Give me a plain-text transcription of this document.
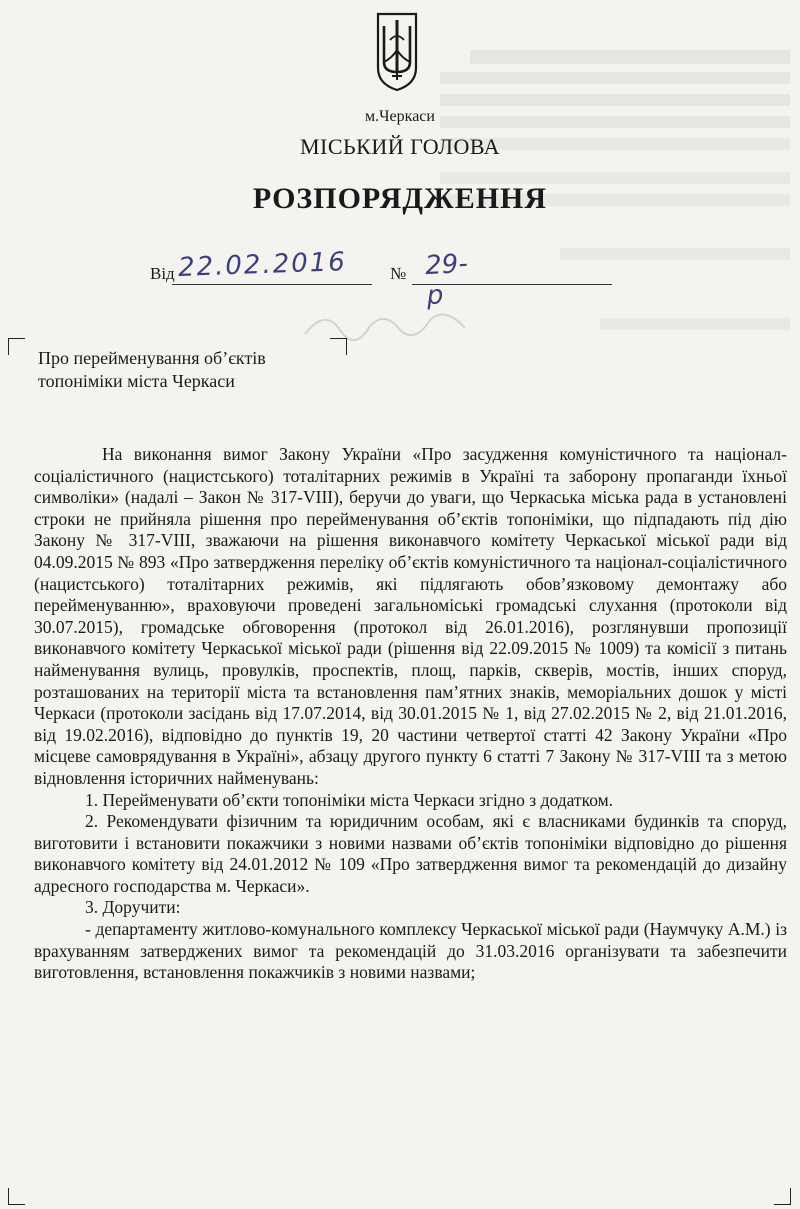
м.Черкаси
МІСЬКИЙ ГОЛОВА
РОЗПОРЯДЖЕННЯ
Від 22.02.2016	№ 29-р
Про перейменування об’єктів
топоніміки міста Черкаси

На виконання вимог Закону України «Про засудження комуністичного та націонал-соціалістичного (нацистського) тоталітарних режимів в Україні та заборону пропаганди їхньої символіки» (надалі – Закон № 317-VIII), беручи до уваги, що Черкаська міська рада в установлені строки не прийняла рішення про перейменування об’єктів топоніміки, що підпадають під дію Закону № 317-VIII, зважаючи на рішення виконавчого комітету Черкаської міської ради від 04.09.2015 № 893 «Про затвердження переліку об’єктів комуністичного та націонал-соціалістичного (нацистського) тоталітарних режимів, які підлягають обов’язковому демонтажу або перейменуванню», враховуючи проведені загальноміські громадські слухання (протоколи від 30.07.2015), громадське обговорення (протокол від 26.01.2016), розглянувши пропозиції виконавчого комітету Черкаської міської ради (рішення від 22.09.2015 № 1009) та комісії з питань найменування вулиць, провулків, проспектів, площ, парків, скверів, мостів, інших споруд, розташованих на території міста та встановлення пам’ятних знаків, меморіальних дошок у місті Черкаси (протоколи засідань від 17.07.2014, від 30.01.2015 № 1, від 27.02.2015 № 2, від 21.01.2016, від 19.02.2016), відповідно до пунктів 19, 20 частини четвертої статті 42 Закону України «Про місцеве самоврядування в Україні», абзацу другого пункту 6 статті 7 Закону № 317-VIII та з метою відновлення історичних найменувань:

1. Перейменувати об’єкти топоніміки міста Черкаси згідно з додатком.

2. Рекомендувати фізичним та юридичним особам, які є власниками будинків та споруд, виготовити і встановити покажчики з новими назвами об’єктів топоніміки відповідно до рішення виконавчого комітету від 24.01.2012 № 109 «Про затвердження вимог та рекомендацій до дизайну адресного господарства м. Черкаси».

3. Доручити:

- департаменту житлово-комунального комплексу Черкаської міської ради (Наумчуку А.М.) із врахуванням затверджених вимог та рекомендацій до 31.03.2016 організувати та забезпечити виготовлення, встановлення покажчиків з новими назвами;
